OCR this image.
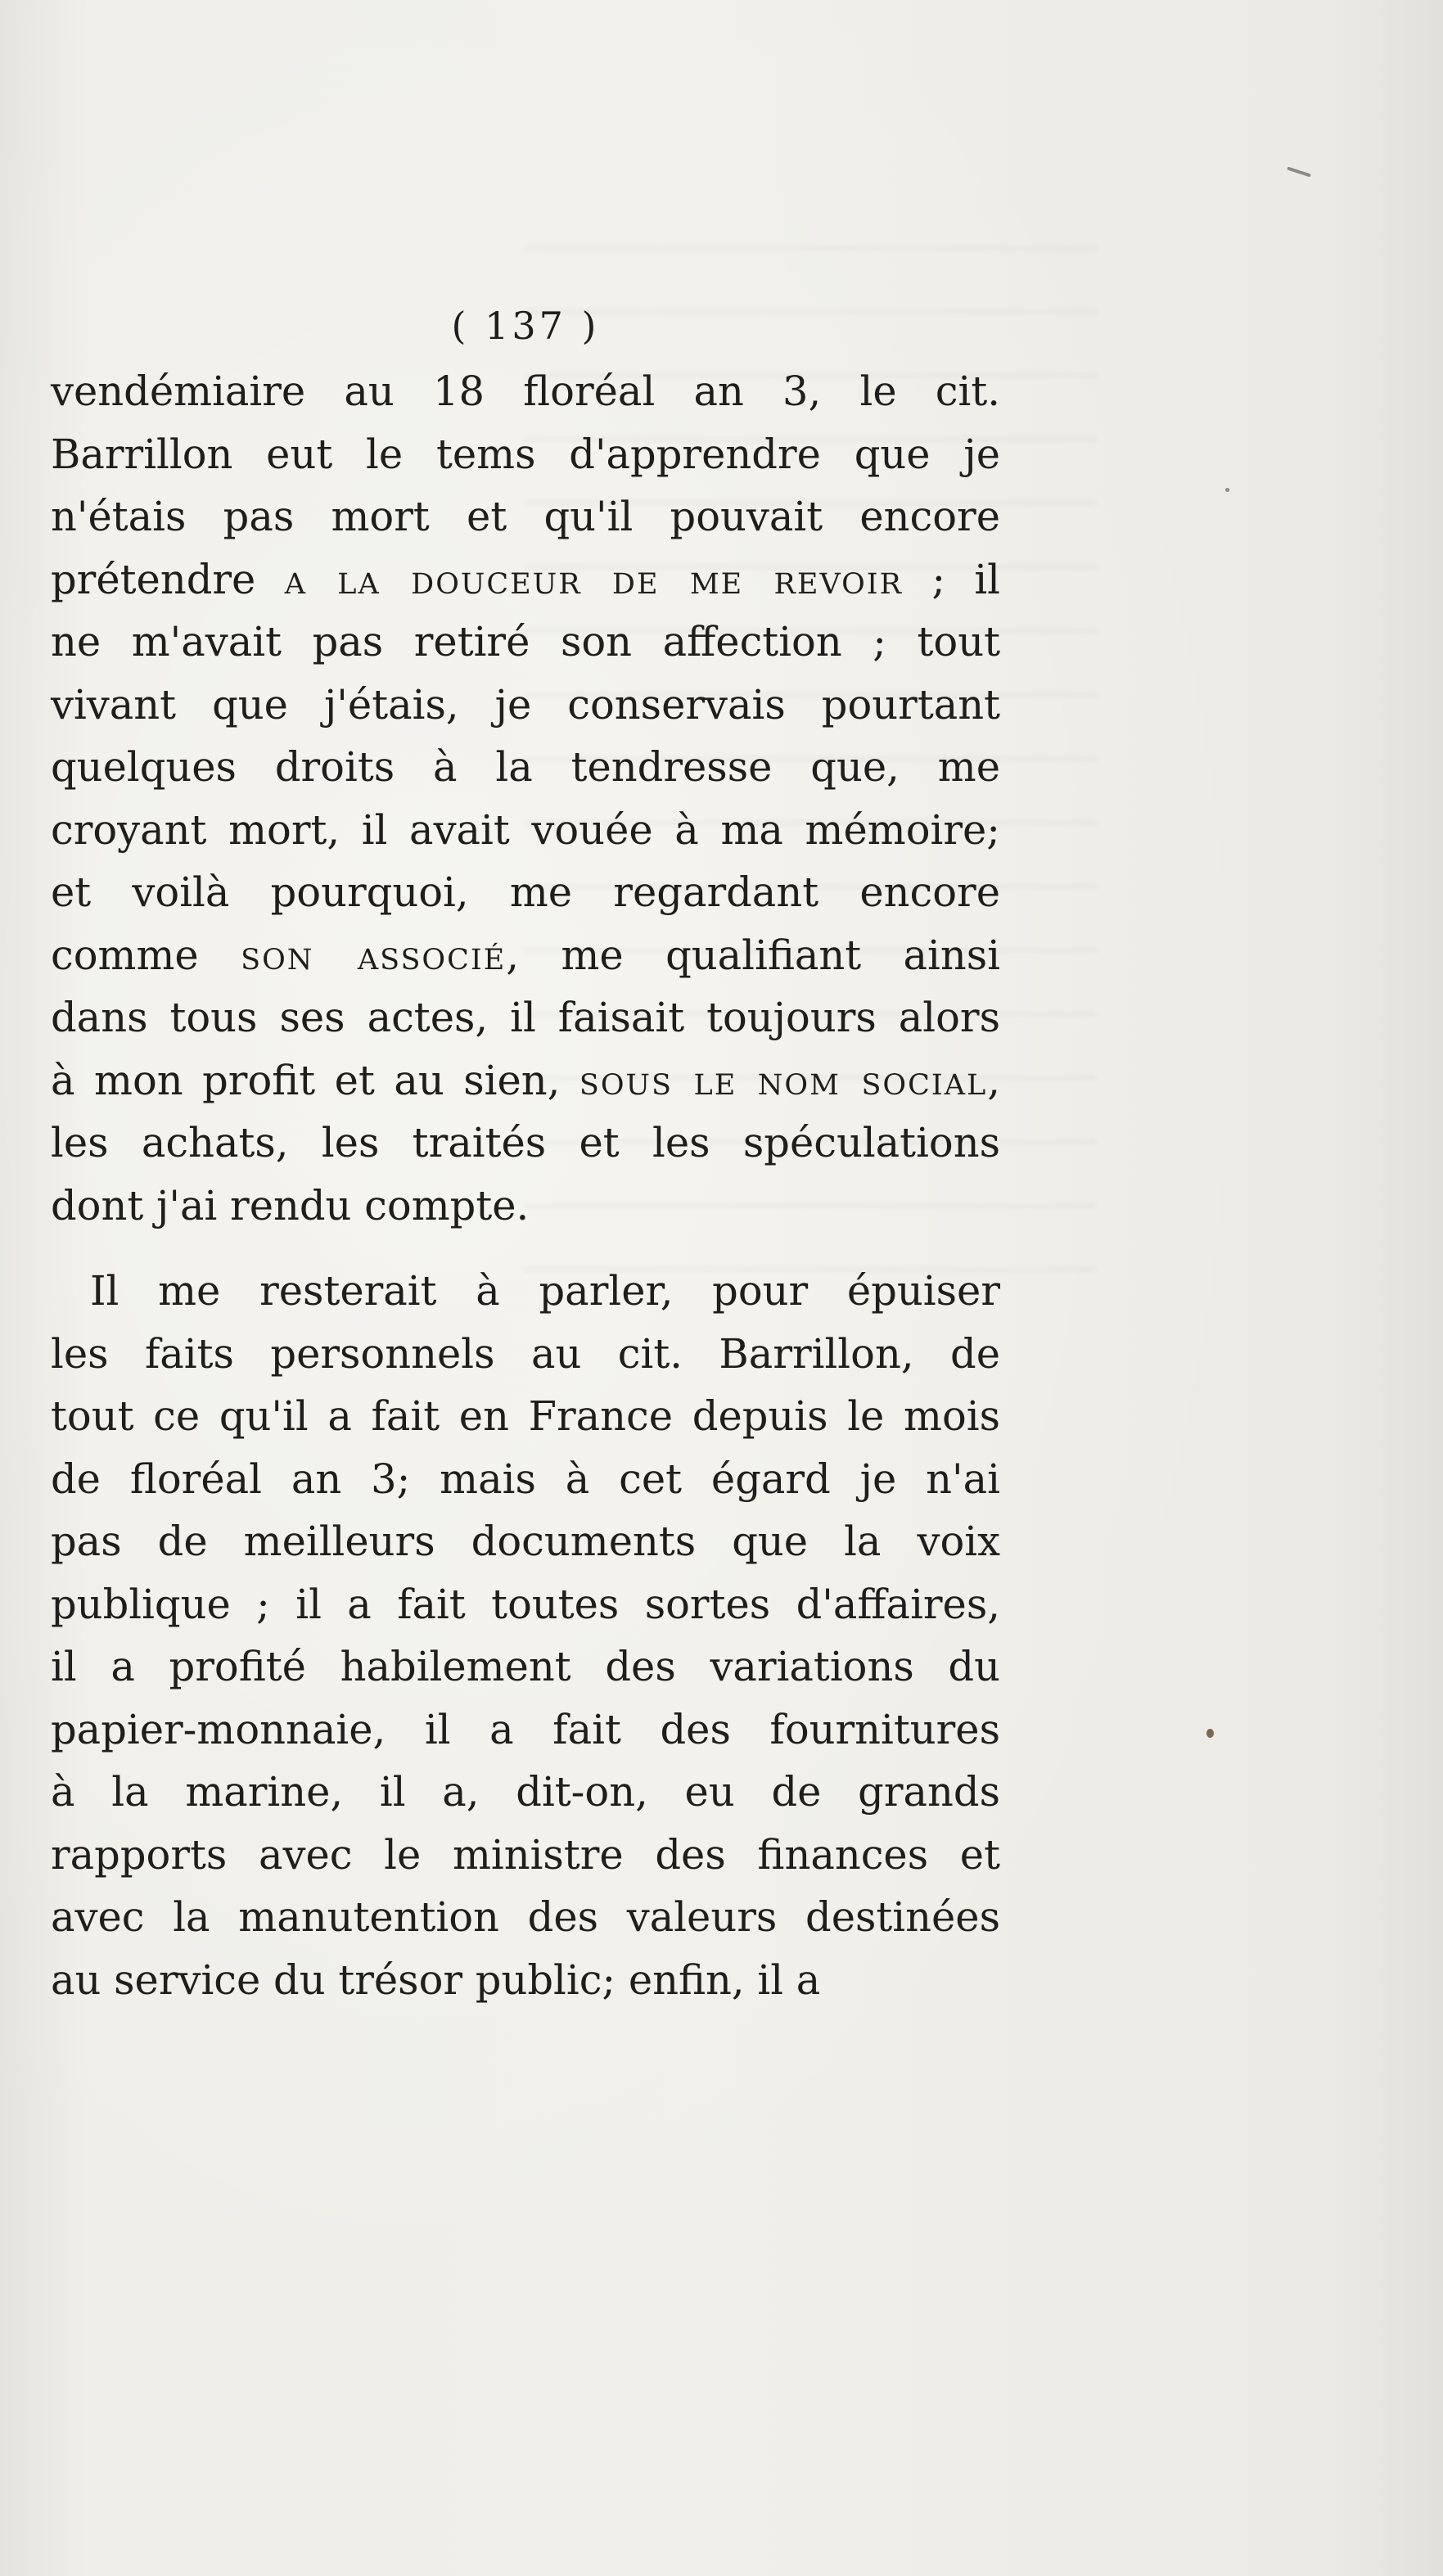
( 137 )

vendémiaire au 18 floréal an 3, le cit.
Barrillon eut le tems d'apprendre que je
n'étais pas mort et qu'il pouvait encore
prétendre a la douceur de me revoir ; il
ne m'avait pas retiré son affection ; tout
vivant que j'étais, je conservais pourtant
quelques droits à la tendresse que, me
croyant mort, il avait vouée à ma mémoire;
et voilà pourquoi, me regardant encore
comme son associé, me qualifiant ainsi
dans tous ses actes, il faisait toujours alors
à mon profit et au sien, sous le nom social,
les achats, les traités et les spéculations
dont j'ai rendu compte.

Il me resterait à parler, pour épuiser
les faits personnels au cit. Barrillon, de
tout ce qu'il a fait en France depuis le mois
de floréal an 3; mais à cet égard je n'ai
pas de meilleurs documents que la voix
publique ; il a fait toutes sortes d'affaires,
il a profité habilement des variations du
papier-monnaie, il a fait des fournitures
à la marine, il a, dit-on, eu de grands
rapports avec le ministre des finances et
avec la manutention des valeurs destinées
au service du trésor public; enfin, il a
